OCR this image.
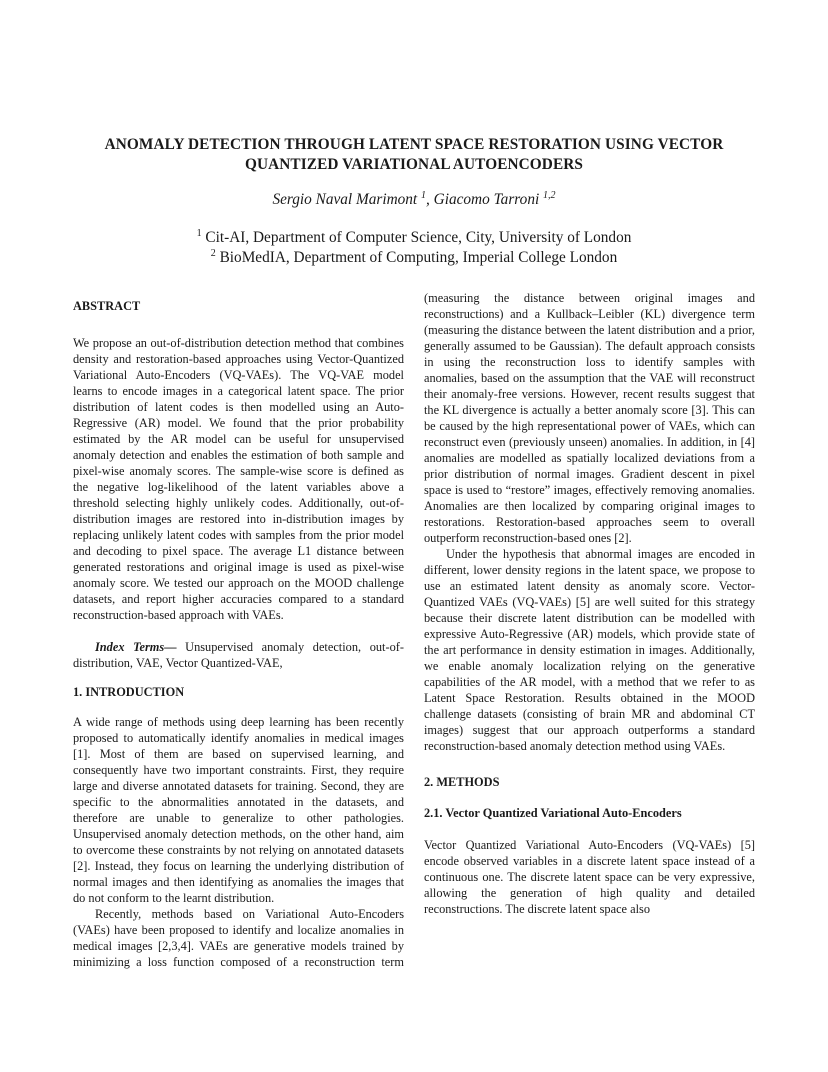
ANOMALY DETECTION THROUGH LATENT SPACE RESTORATION USING VECTOR
QUANTIZED VARIATIONAL AUTOENCODERS
Sergio Naval Marimont $^1$, Giacomo Tarroni $^{1,2}$
$^1$ Cit-AI, Department of Computer Science, City, University of London
$^2$ BioMedIA, Department of Computing, Imperial College London

ABSTRACT

We propose an out-of-distribution detection method that combines density and restoration-based approaches using Vector-Quantized Variational Auto-Encoders (VQ-VAEs). The VQ-VAE model learns to encode images in a categorical latent space. The prior distribution of latent codes is then modelled using an Auto-Regressive (AR) model. We found that the prior probability estimated by the AR model can be useful for unsupervised anomaly detection and enables the estimation of both sample and pixel-wise anomaly scores. The sample-wise score is defined as the negative log-likelihood of the latent variables above a threshold selecting highly unlikely codes. Additionally, out-of-distribution images are restored into in-distribution images by replacing unlikely latent codes with samples from the prior model and decoding to pixel space. The average L1 distance between generated restorations and original image is used as pixel-wise anomaly score. We tested our approach on the MOOD challenge datasets, and report higher accuracies compared to a standard reconstruction-based approach with VAEs.

Index Terms— Unsupervised anomaly detection, out-of-distribution, VAE, Vector Quantized-VAE,

1. INTRODUCTION

A wide range of methods using deep learning has been recently proposed to automatically identify anomalies in medical images [1]. Most of them are based on supervised learning, and consequently have two important constraints. First, they require large and diverse annotated datasets for training. Second, they are specific to the abnormalities annotated in the datasets, and therefore are unable to generalize to other pathologies. Unsupervised anomaly detection methods, on the other hand, aim to overcome these constraints by not relying on annotated datasets [2]. Instead, they focus on learning the underlying distribution of normal images and then identifying as anomalies the images that do not conform to the learnt distribution.

Recently, methods based on Variational Auto-Encoders (VAEs) have been proposed to identify and localize anomalies in medical images [2,3,4]. VAEs are generative models trained by minimizing a loss function composed of a reconstruction term

(measuring the distance between original images and reconstructions) and a Kullback–Leibler (KL) divergence term (measuring the distance between the latent distribution and a prior, generally assumed to be Gaussian). The default approach consists in using the reconstruction loss to identify samples with anomalies, based on the assumption that the VAE will reconstruct their anomaly-free versions. However, recent results suggest that the KL divergence is actually a better anomaly score [3]. This can be caused by the high representational power of VAEs, which can reconstruct even (previously unseen) anomalies. In addition, in [4] anomalies are modelled as spatially localized deviations from a prior distribution of normal images. Gradient descent in pixel space is used to “restore” images, effectively removing anomalies. Anomalies are then localized by comparing original images to restorations. Restoration-based approaches seem to overall outperform reconstruction-based ones [2].

Under the hypothesis that abnormal images are encoded in different, lower density regions in the latent space, we propose to use an estimated latent density as anomaly score. Vector-Quantized VAEs (VQ-VAEs) [5] are well suited for this strategy because their discrete latent distribution can be modelled with expressive Auto-Regressive (AR) models, which provide state of the art performance in density estimation in images. Additionally, we enable anomaly localization relying on the generative capabilities of the AR model, with a method that we refer to as Latent Space Restoration. Results obtained in the MOOD challenge datasets (consisting of brain MR and abdominal CT images) suggest that our approach outperforms a standard reconstruction-based anomaly detection method using VAEs.

2. METHODS

2.1. Vector Quantized Variational Auto-Encoders

Vector Quantized Variational Auto-Encoders (VQ-VAEs) [5] encode observed variables in a discrete latent space instead of a continuous one. The discrete latent space can be very expressive, allowing the generation of high quality and detailed reconstructions. The discrete latent space also
